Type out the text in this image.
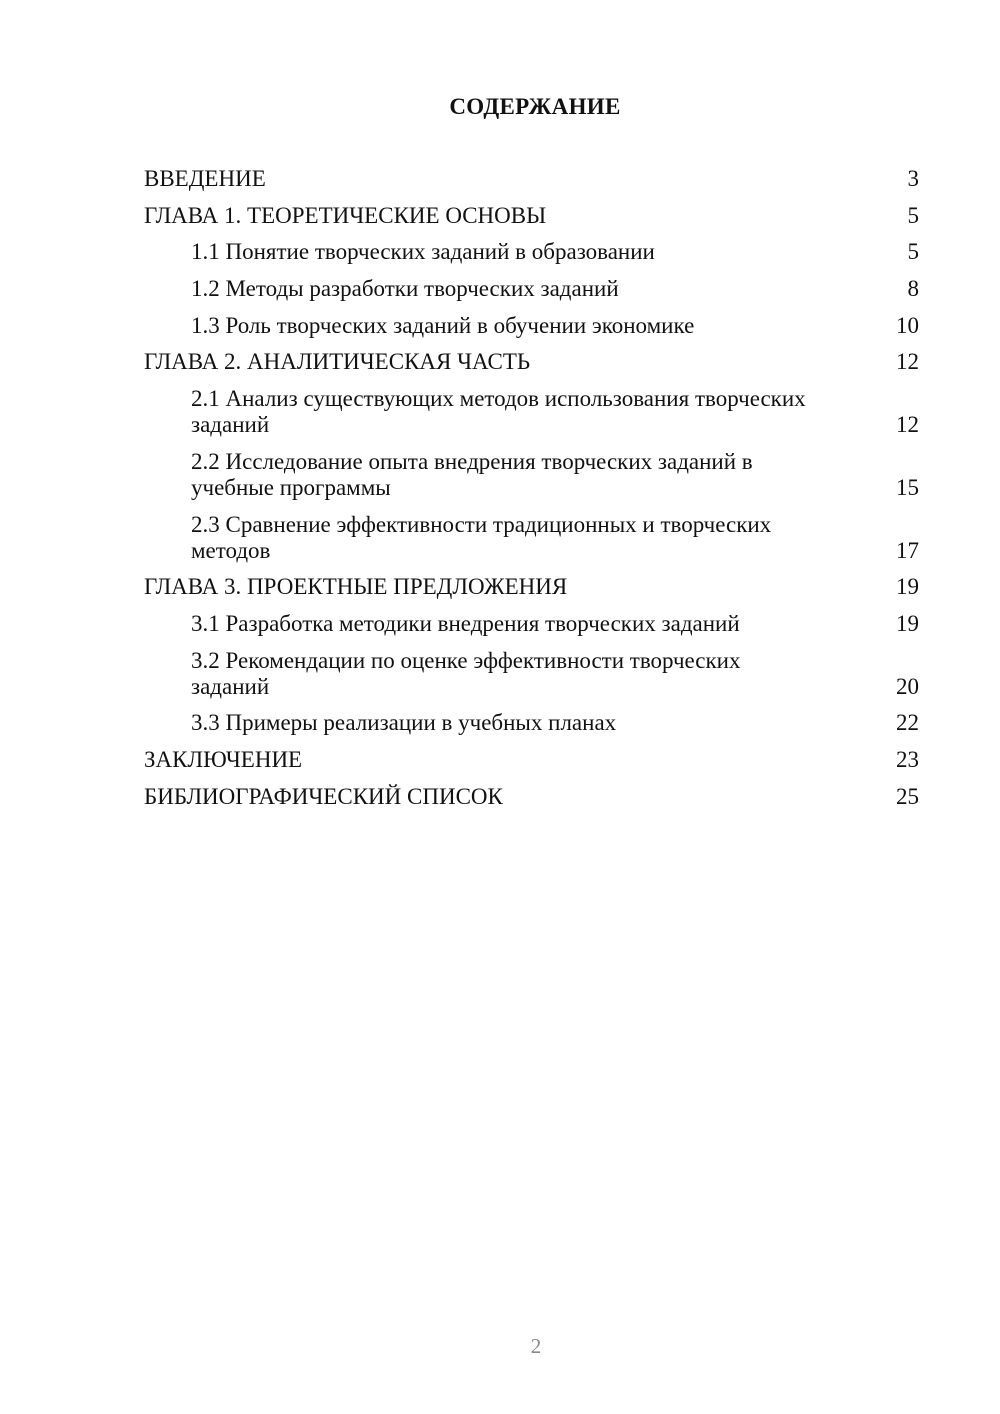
СОДЕРЖАНИЕ
ВВЕДЕНИЕ	3
ГЛАВА 1. ТЕОРЕТИЧЕСКИЕ ОСНОВЫ	5
1.1 Понятие творческих заданий в образовании	5
1.2 Методы разработки творческих заданий	8
1.3 Роль творческих заданий в обучении экономике	10
ГЛАВА 2. АНАЛИТИЧЕСКАЯ ЧАСТЬ	12
2.1 Анализ существующих методов использования творческих заданий	12
2.2 Исследование опыта внедрения творческих заданий в учебные программы	15
2.3 Сравнение эффективности традиционных и творческих методов	17
ГЛАВА 3. ПРОЕКТНЫЕ ПРЕДЛОЖЕНИЯ	19
3.1 Разработка методики внедрения творческих заданий	19
3.2 Рекомендации по оценке эффективности творческих заданий	20
3.3 Примеры реализации в учебных планах	22
ЗАКЛЮЧЕНИЕ	23
БИБЛИОГРАФИЧЕСКИЙ СПИСОК	25
2
